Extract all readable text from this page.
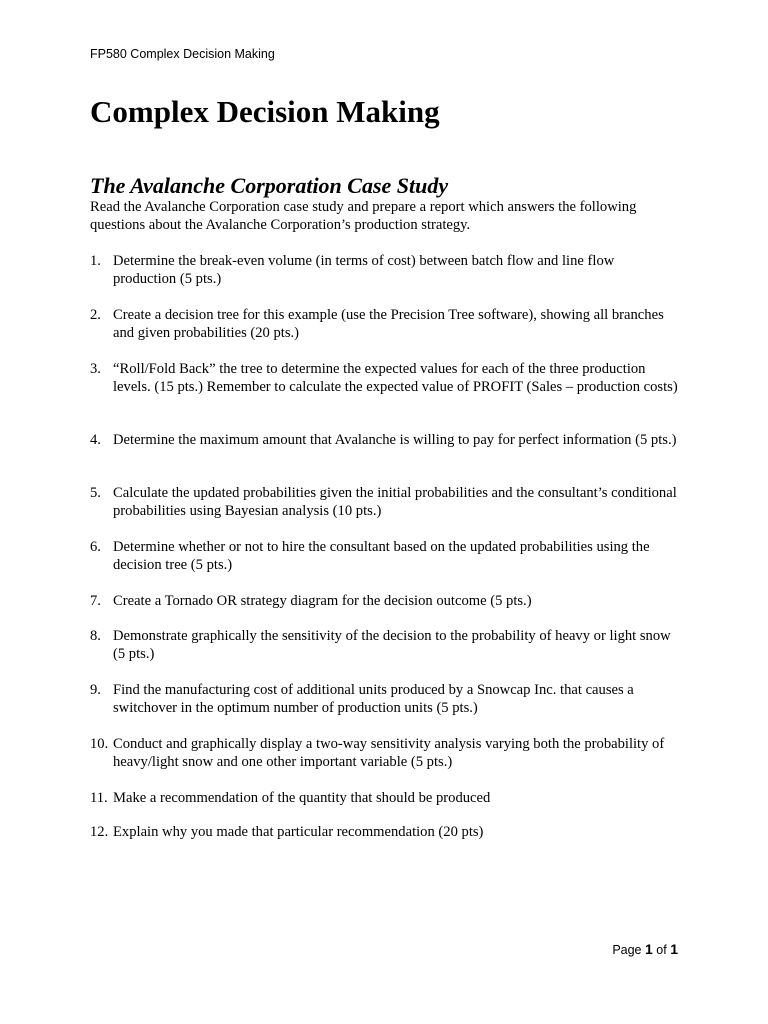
FP580 Complex Decision Making
Complex Decision Making
The Avalanche Corporation Case Study

Read the Avalanche Corporation case study and prepare a report which answers the following questions about the Avalanche Corporation’s production strategy.

1. Determine the break-even volume (in terms of cost) between batch flow and line flow production (5 pts.)
2. Create a decision tree for this example (use the Precision Tree software), showing all branches and given probabilities (20 pts.)
3. “Roll/Fold Back” the tree to determine the expected values for each of the three production levels. (15 pts.) Remember to calculate the expected value of PROFIT (Sales – production costs)
4. Determine the maximum amount that Avalanche is willing to pay for perfect information (5 pts.)
5. Calculate the updated probabilities given the initial probabilities and the consultant’s conditional probabilities using Bayesian analysis (10 pts.)
6. Determine whether or not to hire the consultant based on the updated probabilities using the decision tree (5 pts.)
7. Create a Tornado OR strategy diagram for the decision outcome (5 pts.)
8. Demonstrate graphically the sensitivity of the decision to the probability of heavy or light snow (5 pts.)
9. Find the manufacturing cost of additional units produced by a Snowcap Inc. that causes a switchover in the optimum number of production units (5 pts.)
10. Conduct and graphically display a two-way sensitivity analysis varying both the probability of heavy/light snow and one other important variable (5 pts.)
11. Make a recommendation of the quantity that should be produced
12. Explain why you made that particular recommendation (20 pts)
Page 1 of 1
